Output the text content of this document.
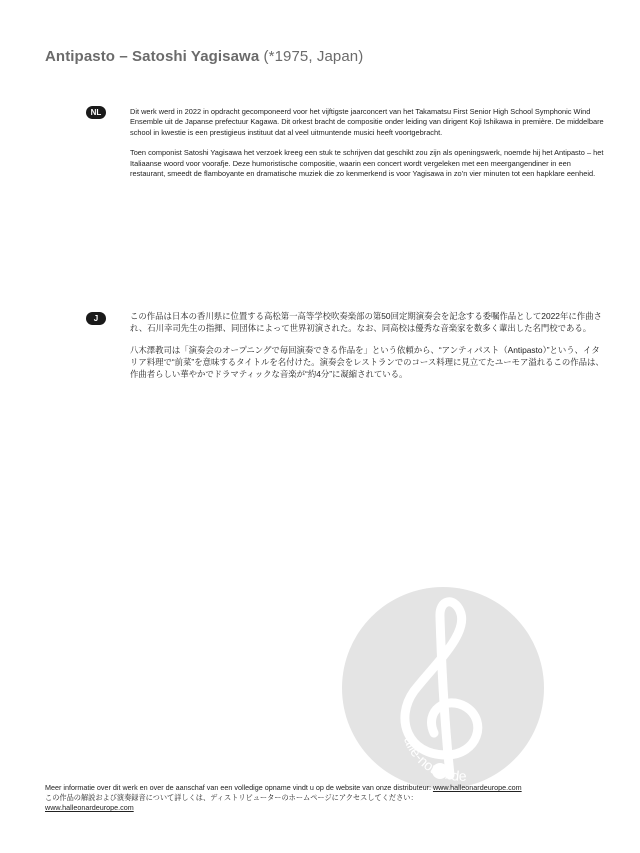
Antipasto – Satoshi Yagisawa (*1975, Japan)
NL	Dit werk werd in 2022 in opdracht gecomponeerd voor het vijftigste jaarconcert van het Takamatsu First Senior High School Symphonic Wind Ensemble uit de Japanse prefectuur Kagawa. Dit orkest bracht de compositie onder leiding van dirigent Koji Ishikawa in première. De middelbare school in kwestie is een prestigieus instituut dat al veel uitmuntende musici heeft voortgebracht.

Toen componist Satoshi Yagisawa het verzoek kreeg een stuk te schrijven dat geschikt zou zijn als openingswerk, noemde hij het Antipasto – het Italiaanse woord voor voorafje. Deze humoristische compositie, waarin een concert wordt vergeleken met een meergangendiner in een restaurant, smeedt de flamboyante en dramatische muziek die zo kenmerkend is voor Yagisawa in zo’n vier minuten tot een hapklare eenheid.

J	この作品は日本の香川県に位置する高松第一高等学校吹奏楽部の第50回定期演奏会を記念する委嘱作品として2022年に作曲され、石川幸司先生の指揮、同団体によって世界初演された。なお、同高校は優秀な音楽家を数多く輩出した名門校である。

八木澤教司は「演奏会のオープニングで毎回演奏できる作品を」という依頼から、“アンティパスト（Antipasto）”という、イタリア料理で“前菜”を意味するタイトルを名付けた。演奏会をレストランでのコース料理に見立てたユーモア溢れるこの作品は、作曲者らしい華やかでドラマティックな音楽が“約4分”に凝縮されている。

alle-noten.de
Meer informatie over dit werk en over de aanschaf van een volledige opname vindt u op de website van onze distributeur: www.halleonardeurope.com
この作品の解説および演奏録音について詳しくは、ディストリビューターのホームページにアクセスしてください：
www.halleonardeurope.com
